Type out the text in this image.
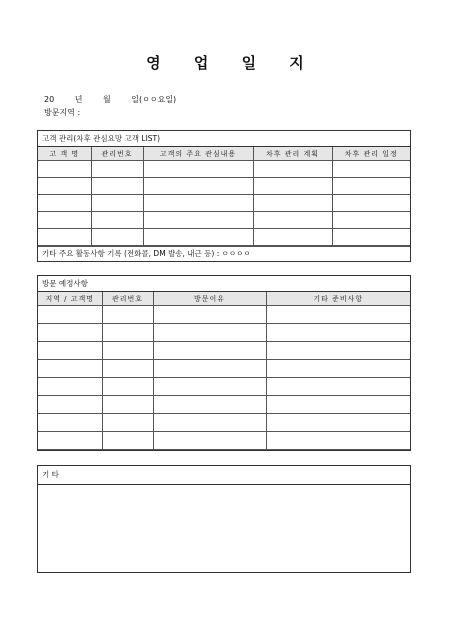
영 업 일 지
20	년	월	일(ㅇㅇ요일)
방문지역 :
고객 관리(차후 관심요망 고객 LIST)
고 객 명	관리번호	고객의 주요 관심내용	차후 관리 계획	차후 관리 일정

기타 주요 활동사항 기록 (전화콜, DM 발송, 내근 등) : ㅇㅇㅇㅇ
방문 예정사항
지역 / 고객명	관리번호	방문이유	기타 준비사항

기 타
